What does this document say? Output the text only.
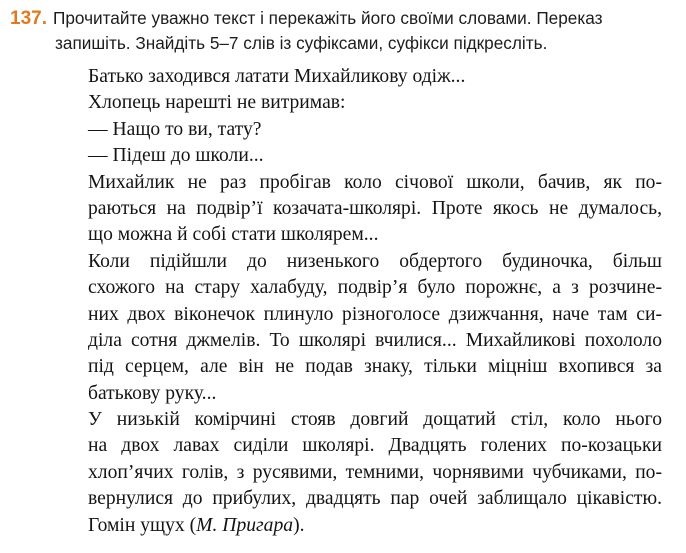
137. Прочитайте уважно текст і перекажіть його своїми словами. Переказ
запишіть. Знайдіть 5–7 слів із суфіксами, суфікси підкресліть.
Батько заходився латати Михайликову одіж...
Хлопець нарешті не витримав:
— Нащо то ви, тату?
— Підеш до школи...
Михайлик не раз пробігав коло січової школи, бачив, як по-
раються на подвір’ї козачата-школярі. Проте якось не думалось,
що можна й собі стати школярем...
Коли підійшли до низенького обдертого будиночка, більш
схожого на стару халабуду, подвір’я було порожнє, а з розчине-
них двох віконечок плинуло різноголосе дзижчання, наче там си-
діла сотня джмелів. То школярі вчилися... Михайликові похололо
під серцем, але він не подав знаку, тільки міцніш вхопився за
батькову руку...
У низькій комірчині стояв довгий дощатий стіл, коло нього
на двох лавах сиділи школярі. Двадцять голених по-козацьки
хлоп’ячих голів, з русявими, темними, чорнявими чубчиками, по-
вернулися до прибулих, двадцять пар очей заблищало цікавістю.
Гомін ущух (М. Пригара).
